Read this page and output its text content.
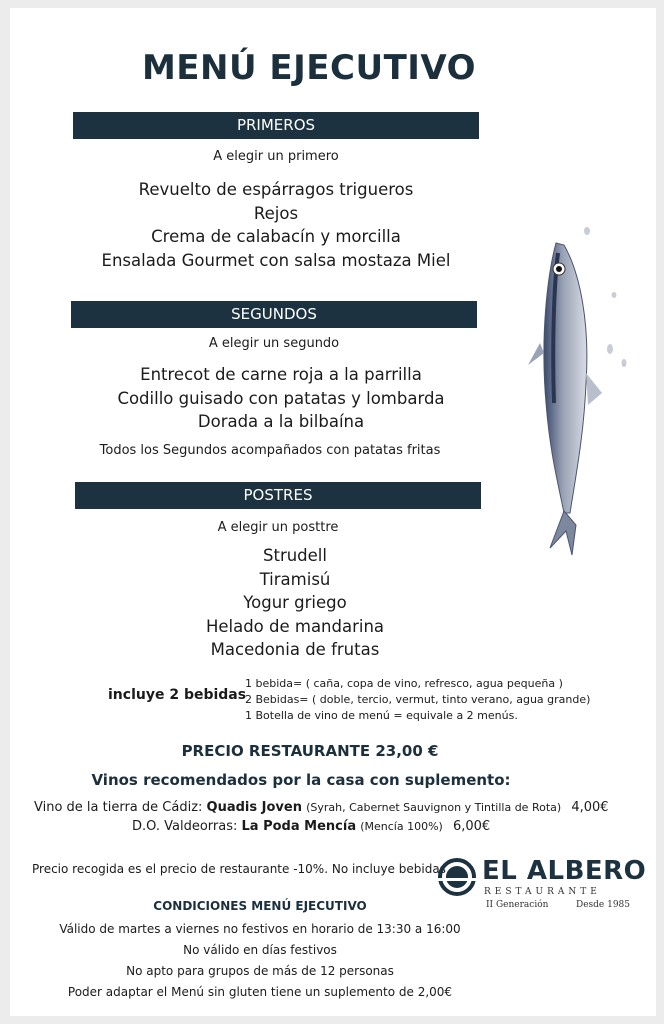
MENÚ EJECUTIVO
PRIMEROS
A elegir un primero
Revuelto de espárragos trigueros
Rejos
Crema de calabacín y morcilla
Ensalada Gourmet con salsa mostaza Miel
SEGUNDOS
A elegir un segundo
Entrecot de carne roja a la parrilla
Codillo guisado con patatas y lombarda
Dorada a la bilbaína
Todos los Segundos acompañados con patatas fritas
POSTRES
A elegir un posttre
Strudell
Tiramisú
Yogur griego
Helado de mandarina
Macedonia de frutas
incluye 2 bebidas
1 bebida= ( caña, copa de vino, refresco, agua pequeña )
2 Bebidas= ( doble, tercio, vermut, tinto verano, agua grande)
1 Botella de vino de menú = equivale a 2 menús.
PRECIO RESTAURANTE 23,00 €
Vinos recomendados por la casa con suplemento:
Vino de la tierra de Cádiz: Quadis Joven (Syrah, Cabernet Sauvignon y Tintilla de Rota) 4,00€
D.O. Valdeorras: La Poda Mencía (Mencía 100%) 6,00€
Precio recogida es el precio de restaurante -10%. No incluye bebidas EL ALBERO
RESTAURANTE
II Generación	Desde 1985
CONDICIONES MENÚ EJECUTIVO
Válido de martes a viernes no festivos en horario de 13:30 a 16:00
No válido en días festivos
No apto para grupos de más de 12 personas
Poder adaptar el Menú sin gluten tiene un suplemento de 2,00€
